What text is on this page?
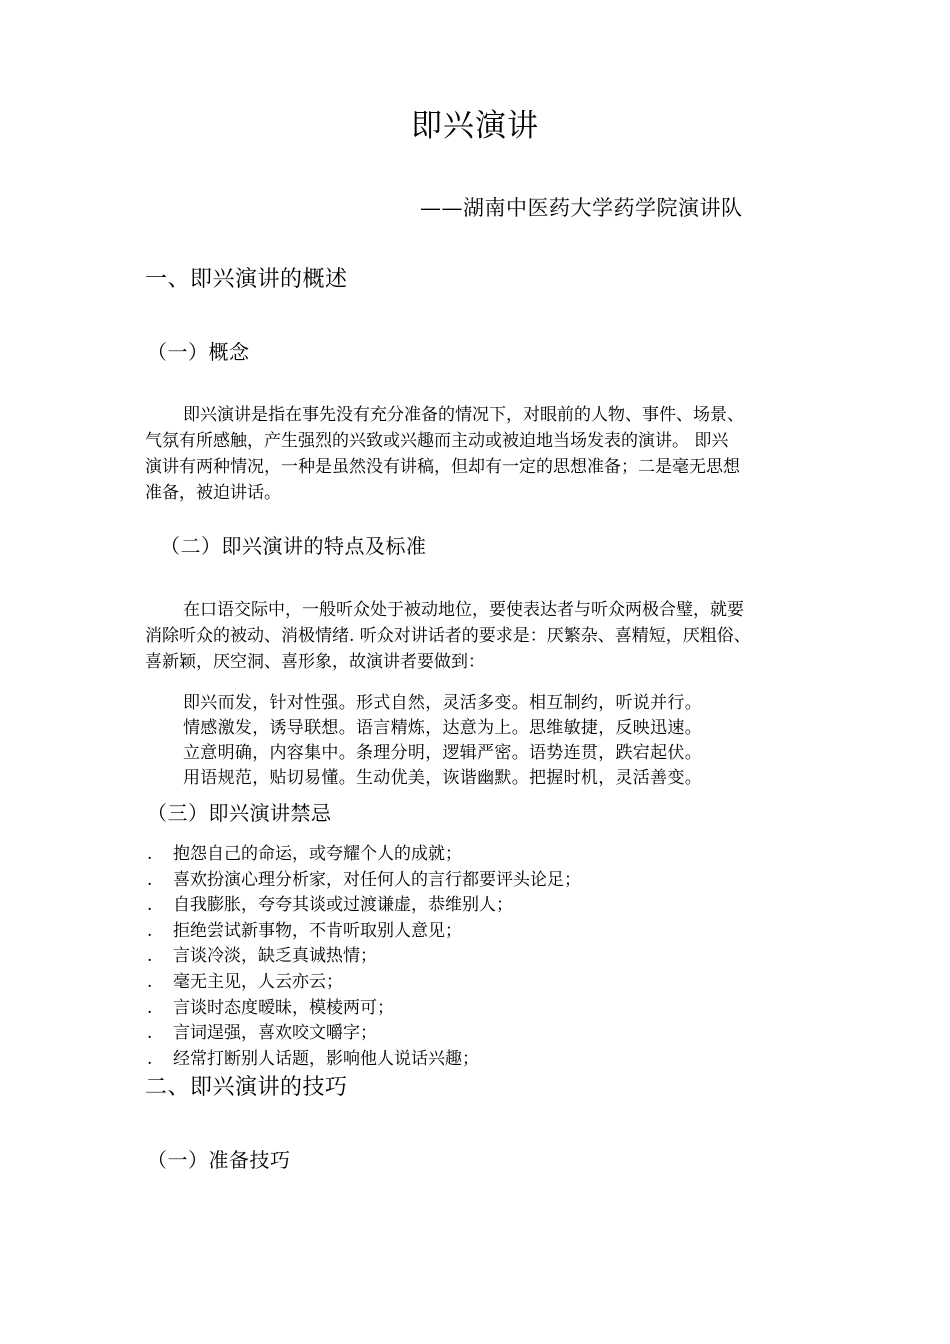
即兴演讲
——湖南中医药大学药学院演讲队
一、即兴演讲的概述
（一）概念
即兴演讲是指在事先没有充分准备的情况下，对眼前的人物、事件、场景、
气氛有所感触，产生强烈的兴致或兴趣而主动或被迫地当场发表的演讲。 即兴
演讲有两种情况，一种是虽然没有讲稿，但却有一定的思想准备；二是毫无思想
准备，被迫讲话。
（二）即兴演讲的特点及标准
在口语交际中，一般听众处于被动地位，要使表达者与听众两极合璧，就要
消除听众的被动、消极情绪. 听众对讲话者的要求是：厌繁杂、喜精短，厌粗俗、
喜新颖，厌空洞、喜形象，故演讲者要做到：
即兴而发，针对性强。形式自然，灵活多变。相互制约，听说并行。
情感激发，诱导联想。语言精炼，达意为上。思维敏捷，反映迅速。
立意明确，内容集中。条理分明，逻辑严密。语势连贯，跌宕起伏。
用语规范，贴切易懂。生动优美，诙谐幽默。把握时机，灵活善变。
（三）即兴演讲禁忌
. 抱怨自己的命运，或夸耀个人的成就；
. 喜欢扮演心理分析家，对任何人的言行都要评头论足；
. 自我膨胀，夸夸其谈或过渡谦虚，恭维别人；
. 拒绝尝试新事物，不肯听取别人意见；
. 言谈冷淡，缺乏真诚热情；
. 毫无主见，人云亦云；
. 言谈时态度暧昧，模棱两可；
. 言词逞强，喜欢咬文嚼字；
. 经常打断别人话题，影响他人说话兴趣；
二、即兴演讲的技巧
（一）准备技巧
